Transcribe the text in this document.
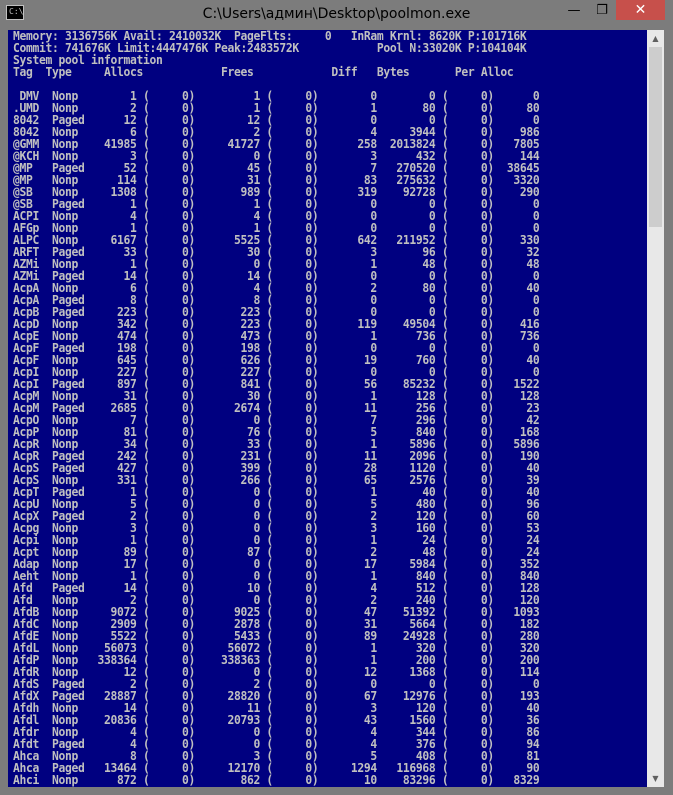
C:\	C:\Users\админ\Desktop\poolmon.exe	—	❐	✕
Memory: 3136756K Avail: 2410032K  PageFlts:     0   InRam Krnl: 8620K P:101716K
Commit: 741676K Limit:4447476K Peak:2483572K            Pool N:33020K P:104104K
System pool information
Tag  Type     Allocs            Frees            Diff   Bytes       Per Alloc

DMV  Nonp        1 (     0)         1 (     0)        0        0 (     0)      0
.UMD  Nonp        2 (     0)         1 (     0)        1       80 (     0)     80
8042  Paged      12 (     0)        12 (     0)        0        0 (     0)      0
8042  Nonp        6 (     0)         2 (     0)        4     3944 (     0)    986
@GMM  Nonp    41985 (     0)     41727 (     0)      258  2013824 (     0)   7805
@KCH  Nonp        3 (     0)         0 (     0)        3      432 (     0)    144
@MP   Paged      52 (     0)        45 (     0)        7   270520 (     0)  38645
@MP   Nonp      114 (     0)        31 (     0)       83   275632 (     0)   3320
@SB   Nonp     1308 (     0)       989 (     0)      319    92728 (     0)    290
@SB   Paged       1 (     0)         1 (     0)        0        0 (     0)      0
ACPI  Nonp        4 (     0)         4 (     0)        0        0 (     0)      0
AFGp  Nonp        1 (     0)         1 (     0)        0        0 (     0)      0
ALPC  Nonp     6167 (     0)      5525 (     0)      642   211952 (     0)    330
ARFT  Paged      33 (     0)        30 (     0)        3       96 (     0)     32
AZMi  Nonp        1 (     0)         0 (     0)        1       48 (     0)     48
AZMi  Paged      14 (     0)        14 (     0)        0        0 (     0)      0
AcpA  Nonp        6 (     0)         4 (     0)        2       80 (     0)     40
AcpA  Paged       8 (     0)         8 (     0)        0        0 (     0)      0
AcpB  Paged     223 (     0)       223 (     0)        0        0 (     0)      0
AcpD  Nonp      342 (     0)       223 (     0)      119    49504 (     0)    416
AcpE  Nonp      474 (     0)       473 (     0)        1      736 (     0)    736
AcpF  Paged     198 (     0)       198 (     0)        0        0 (     0)      0
AcpF  Nonp      645 (     0)       626 (     0)       19      760 (     0)     40
AcpI  Nonp      227 (     0)       227 (     0)        0        0 (     0)      0
AcpI  Paged     897 (     0)       841 (     0)       56    85232 (     0)   1522
AcpM  Nonp       31 (     0)        30 (     0)        1      128 (     0)    128
AcpM  Paged    2685 (     0)      2674 (     0)       11      256 (     0)     23
AcpO  Nonp        7 (     0)         0 (     0)        7      296 (     0)     42
AcpP  Nonp       81 (     0)        76 (     0)        5      840 (     0)    168
AcpR  Nonp       34 (     0)        33 (     0)        1     5896 (     0)   5896
AcpR  Paged     242 (     0)       231 (     0)       11     2096 (     0)    190
AcpS  Paged     427 (     0)       399 (     0)       28     1120 (     0)     40
AcpS  Nonp      331 (     0)       266 (     0)       65     2576 (     0)     39
AcpT  Paged       1 (     0)         0 (     0)        1       40 (     0)     40
AcpU  Nonp        5 (     0)         0 (     0)        5      480 (     0)     96
AcpX  Paged       2 (     0)         0 (     0)        2      120 (     0)     60
Acpg  Nonp        3 (     0)         0 (     0)        3      160 (     0)     53
Acpi  Nonp        1 (     0)         0 (     0)        1       24 (     0)     24
Acpt  Nonp       89 (     0)        87 (     0)        2       48 (     0)     24
Adap  Nonp       17 (     0)         0 (     0)       17     5984 (     0)    352
Aeht  Nonp        1 (     0)         0 (     0)        1      840 (     0)    840
Afd   Paged      14 (     0)        10 (     0)        4      512 (     0)    128
Afd   Nonp        2 (     0)         0 (     0)        2      240 (     0)    120
AfdB  Nonp     9072 (     0)      9025 (     0)       47    51392 (     0)   1093
AfdC  Nonp     2909 (     0)      2878 (     0)       31     5664 (     0)    182
AfdE  Nonp     5522 (     0)      5433 (     0)       89    24928 (     0)    280
AfdL  Nonp    56073 (     0)     56072 (     0)        1      320 (     0)    320
AfdP  Nonp   338364 (     0)    338363 (     0)        1      200 (     0)    200
AfdR  Nonp       12 (     0)         0 (     0)       12     1368 (     0)    114
AfdS  Paged       2 (     0)         2 (     0)        0        0 (     0)      0
AfdX  Paged   28887 (     0)     28820 (     0)       67    12976 (     0)    193
Afdh  Nonp       14 (     0)        11 (     0)        3      120 (     0)     40
Afdl  Nonp    20836 (     0)     20793 (     0)       43     1560 (     0)     36
Afdr  Nonp        4 (     0)         0 (     0)        4      344 (     0)     86
Afdt  Paged       4 (     0)         0 (     0)        4      376 (     0)     94
Ahca  Nonp        8 (     0)         3 (     0)        5      408 (     0)     81
Ahca  Paged   13464 (     0)     12170 (     0)     1294   116968 (     0)     90
Ahci  Nonp      872 (     0)       862 (     0)       10    83296 (     0)   8329

▲
▼
